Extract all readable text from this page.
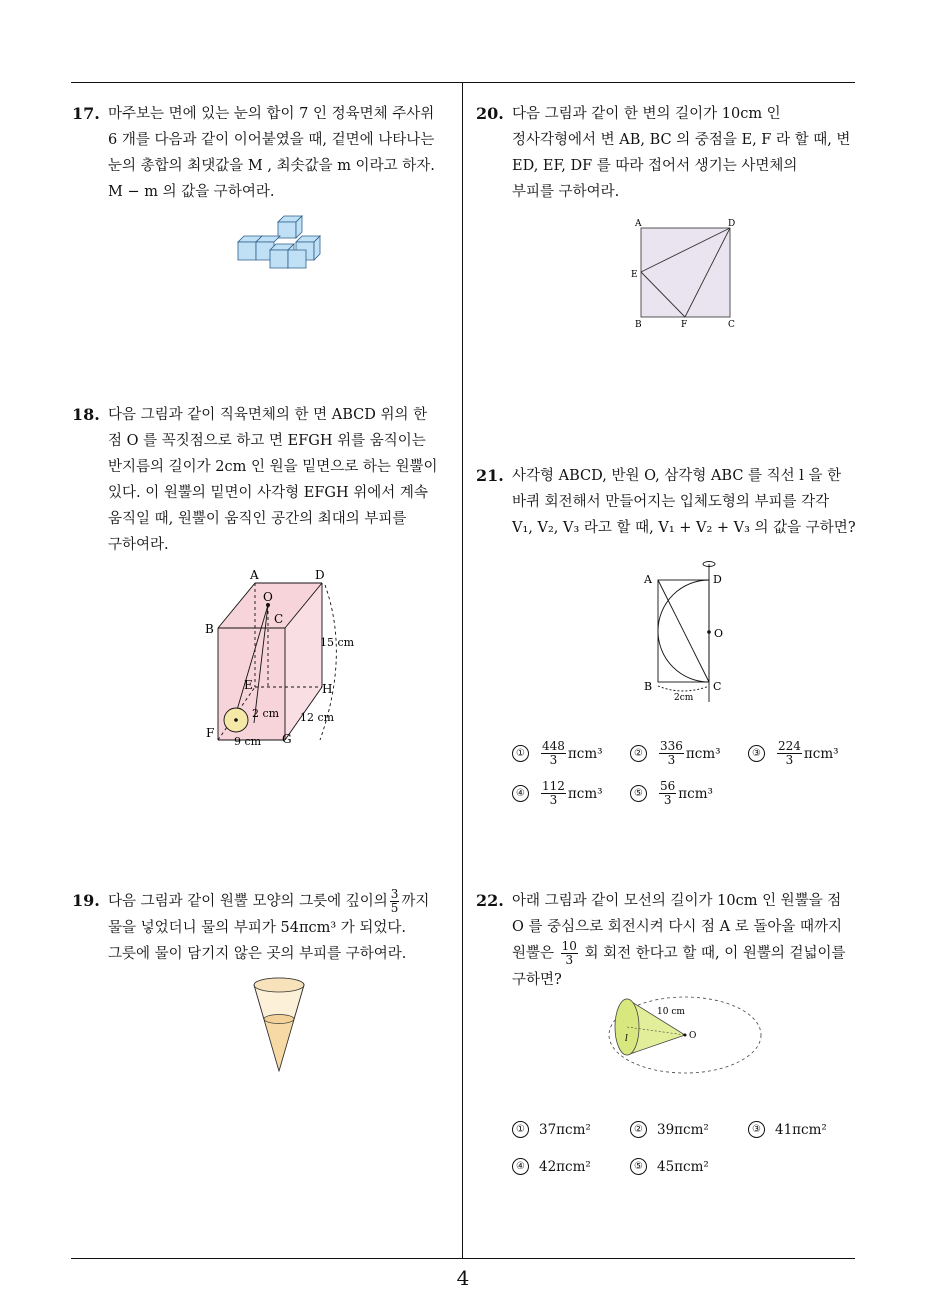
17. 마주보는 면에 있는 눈의 합이 7 인 정육면체 주사위

6 개를 다음과 같이 이어붙였을 때, 겉면에 나타나는

눈의 총합의 최댓값을 M , 최솟값을 m 이라고 하자.

M − m 의 값을 구하여라.

18. 다음 그림과 같이 직육면체의 한 면 ABCD 위의 한

점 O 를 꼭짓점으로 하고 면 EFGH 위를 움직이는

반지름의 길이가 2cm 인 원을 밑면으로 하는 원뿔이

있다. 이 원뿔의 밑면이 사각형 EFGH 위에서 계속

움직일 때, 원뿔이 움직인 공간의 최대의 부피를

구하여라.

A	D
O
B
C
E	H
F	G
15 cm
2 cm
9 cm
12 cm
19. 다음 그림과 같이 원뿔 모양의 그릇에 깊이의 $\frac{3}{5}$ 까지

물을 넣었더니 물의 부피가 54πcm³ 가 되었다.

그릇에 물이 담기지 않은 곳의 부피를 구하여라.

20. 다음 그림과 같이 한 변의 길이가 10cm 인

정사각형에서 변 AB, BC 의 중점을 E, F 라 할 때, 변

ED, EF, DF 를 따라 접어서 생기는 사면체의

부피를 구하여라.

A	D
E
B	F	C
21. 사각형 ABCD, 반원 O, 삼각형 ABC 를 직선 l 을 한

바퀴 회전해서 만들어지는 입체도형의 부피를 각각

V₁, V₂, V₃ 라고 할 때, V₁ + V₂ + V₃ 의 값을 구하면?

A	D
O
B	C
2cm
①	$\frac{448}{3} \pi cm^3$	②	$\frac{336}{3} \pi cm^3$	③	$\frac{224}{3} \pi cm^3$
④	$\frac{112}{3} \pi cm^3$	⑤	$\frac{56}{3} \pi cm^3$
22. 아래 그림과 같이 모선의 길이가 10cm 인 원뿔을 점

O 를 중심으로 회전시켜 다시 점 A 로 돌아올 때까지

원뿔은 $\frac{10}{3}$ 회 회전 한다고 할 때, 이 원뿔의 겉넓이를

구하면?

10 cm
O
l
① 37πcm²	② 39πcm²	③ 41πcm²
④ 42πcm²	⑤ 45πcm²
4
